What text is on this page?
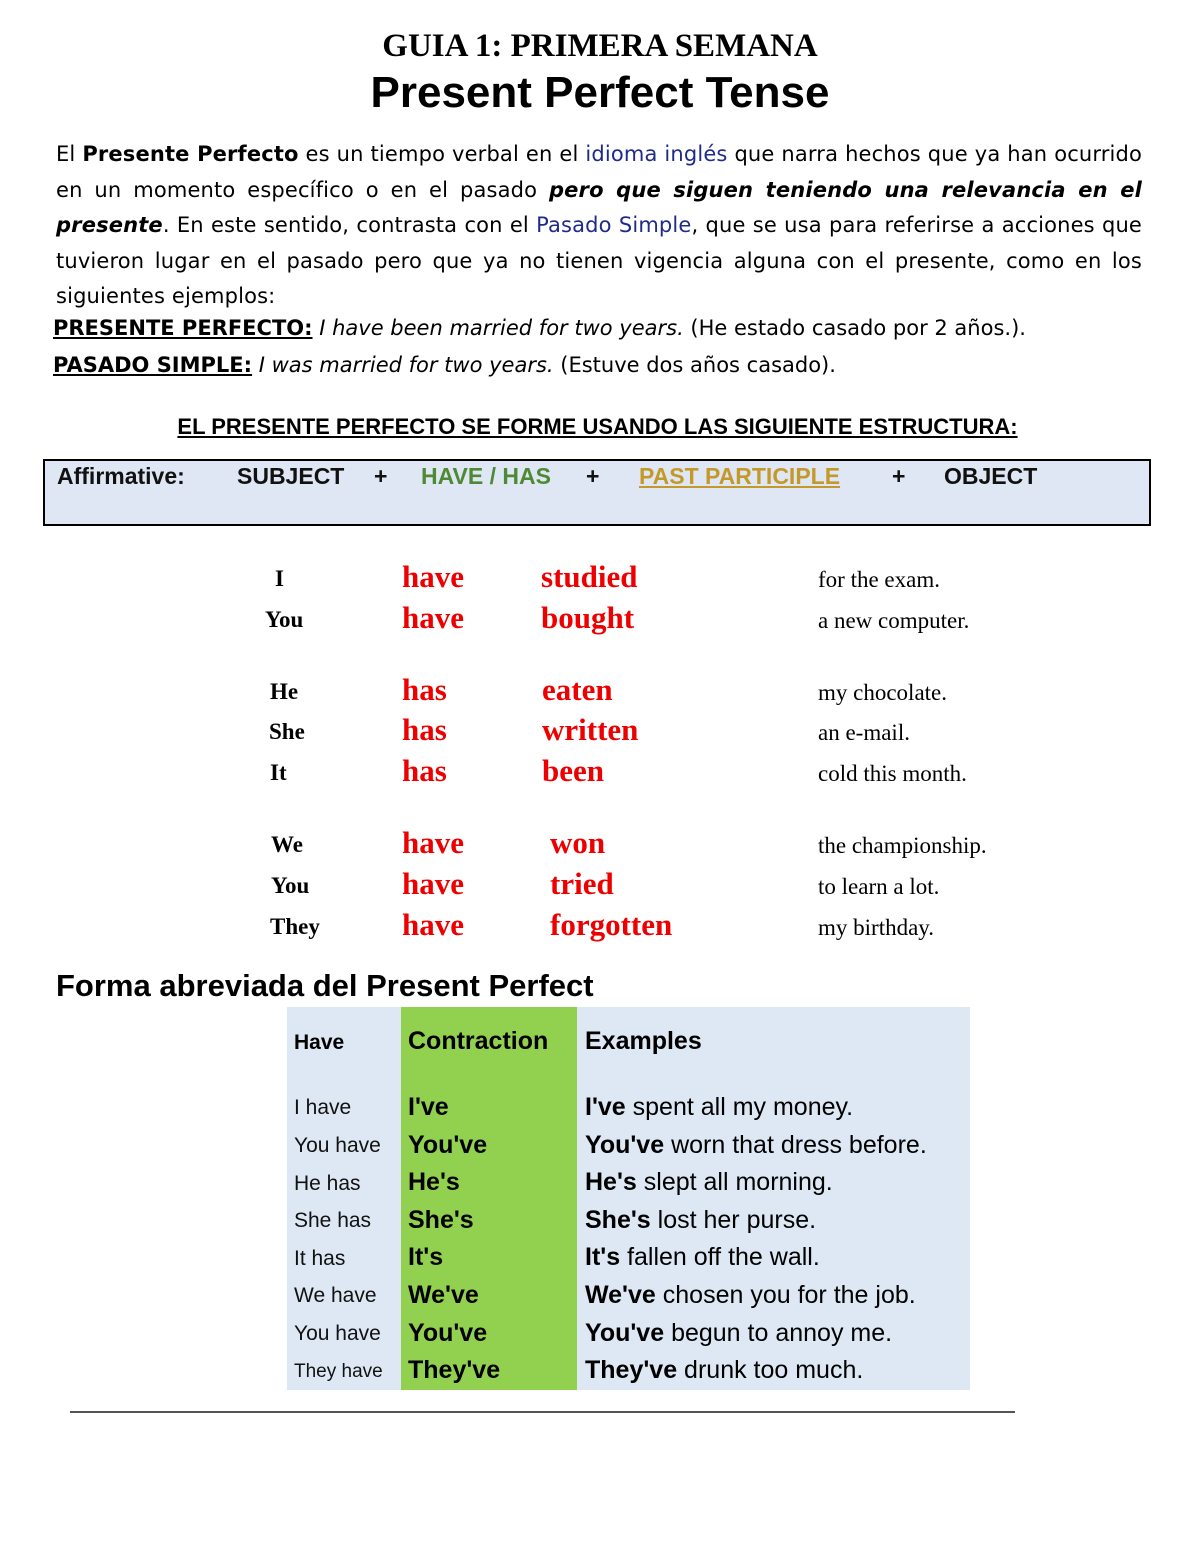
GUIA 1: PRIMERA SEMANA
Present Perfect Tense
El Presente Perfecto es un tiempo verbal en el idioma inglés que narra hechos que ya han ocurrido en un momento específico o en el pasado pero que siguen teniendo una relevancia en el presente. En este sentido, contrasta con el Pasado Simple, que se usa para referirse a acciones que tuvieron lugar en el pasado pero que ya no tienen vigencia alguna con el presente, como en los siguientes ejemplos:
PRESENTE PERFECTO: I have been married for two years. (He estado casado por 2 años.).
PASADO SIMPLE: I was married for two years. (Estuve dos años casado).
EL PRESENTE PERFECTO SE FORME USANDO LAS SIGUIENTE ESTRUCTURA:
Affirmative: SUBJECT + HAVE / HAS + PAST PARTICIPLE + OBJECT
I	have studied	for the exam.
You	have bought	a new computer.
He	has	eaten	my chocolate.
She	has	written	an e-mail.
It	has	been	cold this month.
We	have	won	the championship.
You	have	tried	to learn a lot.
They	have	forgotten	my birthday.
Forma abreviada del Present Perfect
Have	Contraction Examples
I have I've	I've spent all my money.
You have You've	You've worn that dress before.
He has He's	He's slept all morning.
She has She's	She's lost her purse.
It has	It's	It's fallen off the wall.
We have We've	We've chosen you for the job.
You have You've	You've begun to annoy me.
They have They've	They've drunk too much.
